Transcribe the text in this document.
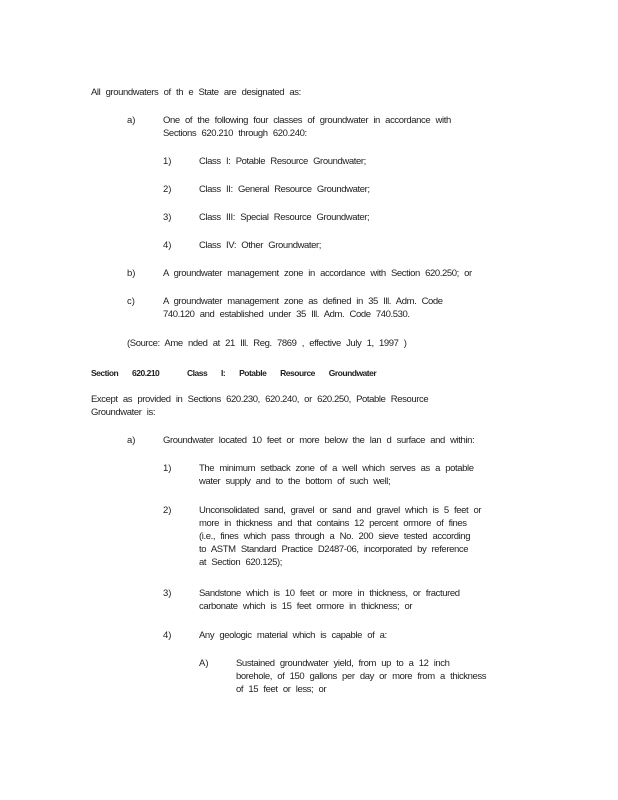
All groundwaters of th e State are designated as:
a)	One of the following four classes of groundwater in accordance with
Sections 620.210 through 620.240:
1)	Class I: Potable Resource Groundwater;
2)	Class II: General Resource Groundwater;
3)	Class III: Special Resource Groundwater;
4)	Class IV: Other Groundwater;
b)	A groundwater management zone in accordance with Section 620.250; or
c)	A groundwater management zone as defined in 35 Ill. Adm. Code
740.120 and established under 35 Ill. Adm. Code 740.530.
(Source: Ame nded at 21 Ill. Reg. 7869 , effective July 1, 1997 )
Section 620.210	Class I: Potable Resource Groundwater
Except as provided in Sections 620.230, 620.240, or 620.250, Potable Resource
Groundwater is:
a)	Groundwater located 10 feet or more below the lan d surface and within:
1)	The minimum setback zone of a well which serves as a potable
water supply and to the bottom of such well;
2)	Unconsolidated sand, gravel or sand and gravel which is 5 feet or
more in thickness and that contains 12 percent ormore of fines
(i.e., fines which pass through a No. 200 sieve tested according
to ASTM Standard Practice D2487-06, incorporated by reference
at Section 620.125);
3)	Sandstone which is 10 feet or more in thickness, or fractured
carbonate which is 15 feet ormore in thickness; or
4)	Any geologic material which is capable of a:
A)	Sustained groundwater yield, from up to a 12 inch
borehole, of 150 gallons per day or more from a thickness
of 15 feet or less; or
